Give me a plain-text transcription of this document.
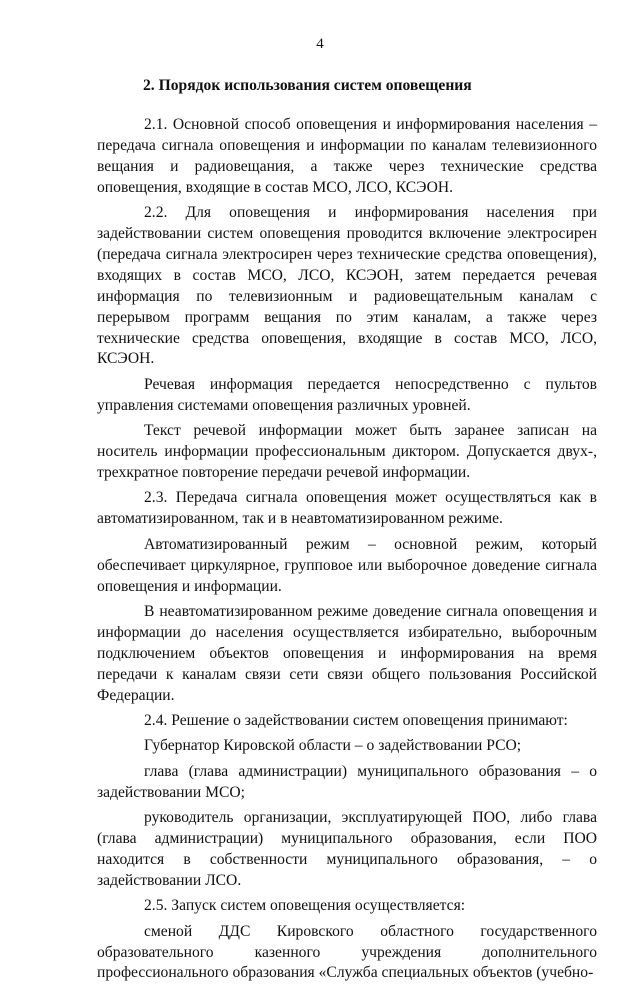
4
2. Порядок использования систем оповещения

2.1. Основной способ оповещения и информирования населения – передача сигнала оповещения и информации по каналам телевизионного вещания и радиовещания, а также через технические средства оповещения, входящие в состав МСО, ЛСО, КСЭОН.

2.2. Для оповещения и информирования населения при задействовании систем оповещения проводится включение электросирен (передача сигнала электросирен через технические средства оповещения), входящих в состав МСО, ЛСО, КСЭОН, затем передается речевая информация по телевизионным и радиовещательным каналам с перерывом программ вещания по этим каналам, а также через технические средства оповещения, входящие в состав МСО, ЛСО, КСЭОН.

Речевая информация передается непосредственно с пультов управления системами оповещения различных уровней.

Текст речевой информации может быть заранее записан на носитель информации профессиональным диктором. Допускается двух-, трехкратное повторение передачи речевой информации.

2.3. Передача сигнала оповещения может осуществляться как в автоматизированном, так и в неавтоматизированном режиме.

Автоматизированный режим – основной режим, который обеспечивает циркулярное, групповое или выборочное доведение сигнала оповещения и информации.

В неавтоматизированном режиме доведение сигнала оповещения и информации до населения осуществляется избирательно, выборочным подключением объектов оповещения и информирования на время передачи к каналам связи сети связи общего пользования Российской Федерации.

2.4. Решение о задействовании систем оповещения принимают:

Губернатор Кировской области – о задействовании РСО;

глава (глава администрации) муниципального образования – о задействовании МСО;

руководитель организации, эксплуатирующей ПОО, либо глава (глава администрации) муниципального образования, если ПОО находится в собственности муниципального образования, – о задействовании ЛСО.

2.5. Запуск систем оповещения осуществляется:

сменой ДДС Кировского областного государственного образовательного казенного учреждения дополнительного профессионального образования «Служба специальных объектов (учебно-
